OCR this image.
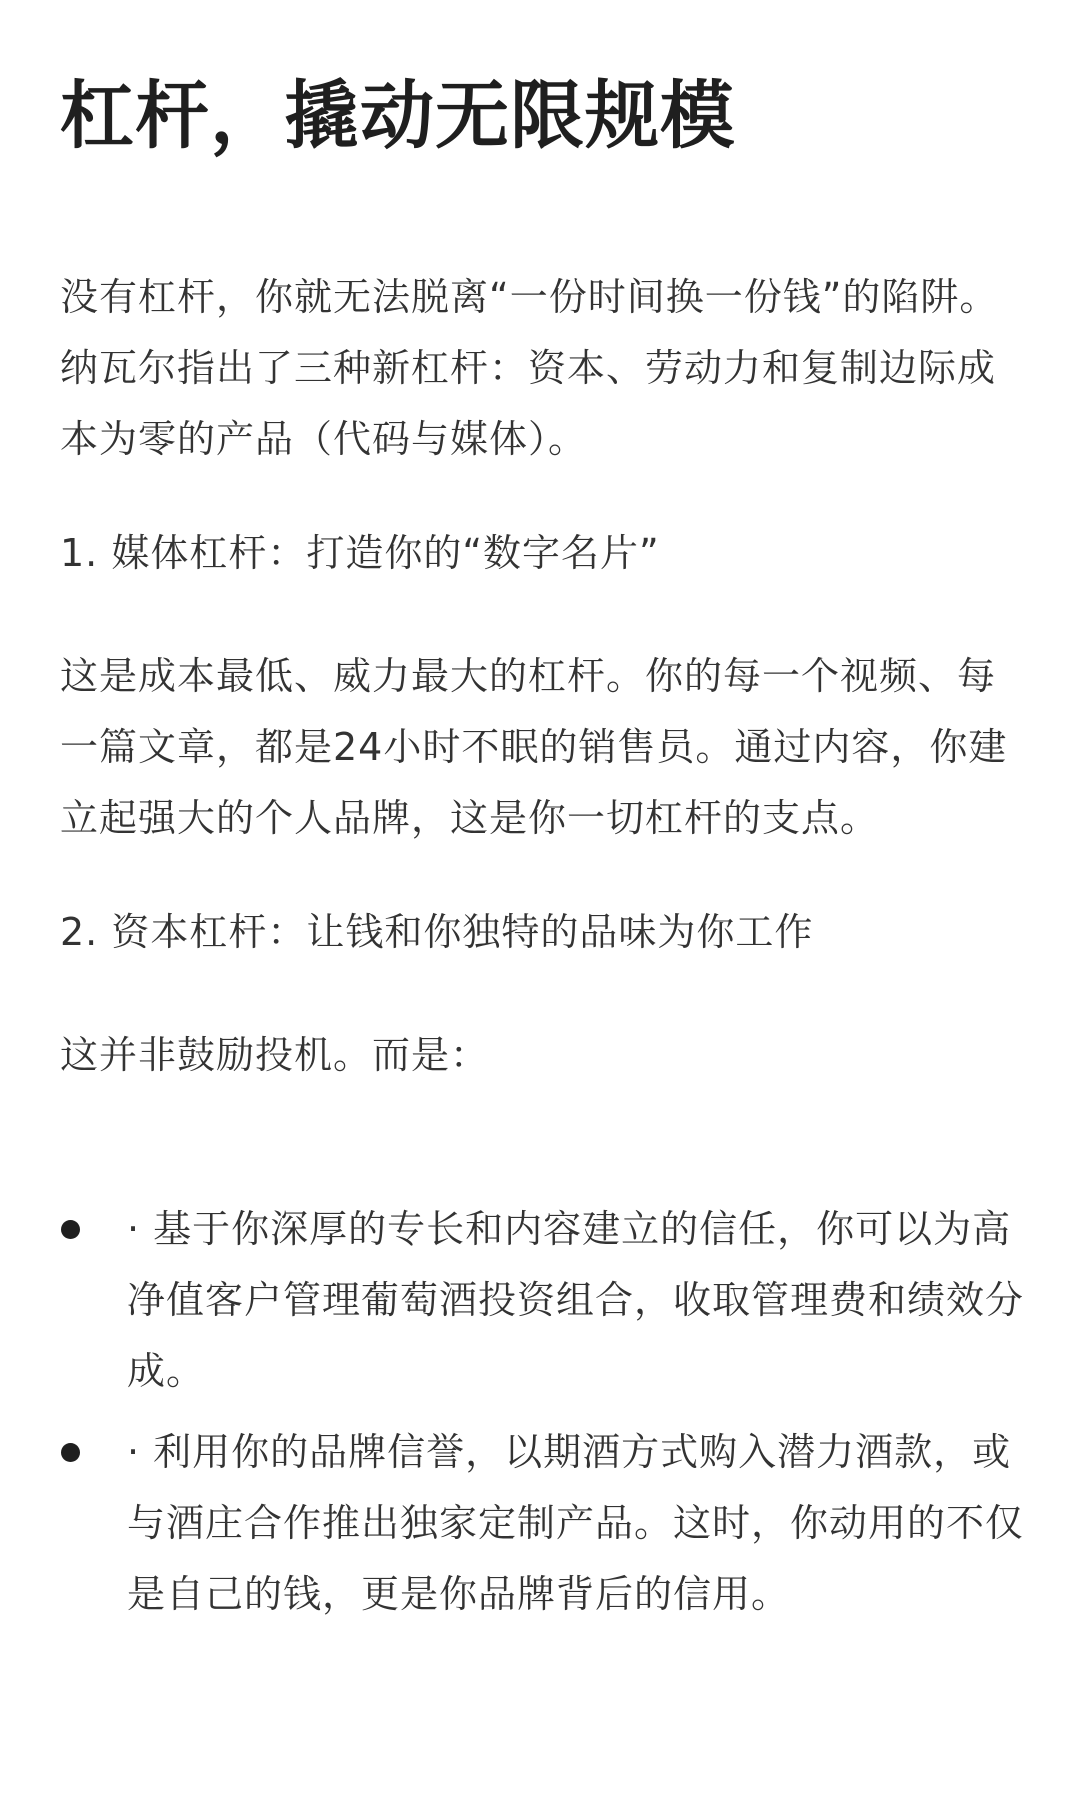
杠杆，撬动无限规模

没有杠杆，你就无法脱离“一份时间换一份钱”的陷阱。纳瓦尔指出了三种新杠杆：资本、劳动力和复制边际成本为零的产品（代码与媒体）。

1. 媒体杠杆：打造你的“数字名片”

这是成本最低、威力最大的杠杆。你的每一个视频、每一篇文章，都是24小时不眠的销售员。通过内容，你建立起强大的个人品牌，这是你一切杠杆的支点。

2. 资本杠杆：让钱和你独特的品味为你工作

这并非鼓励投机。而是：

· 基于你深厚的专长和内容建立的信任，你可以为高净值客户管理葡萄酒投资组合，收取管理费和绩效分成。
· 利用你的品牌信誉，以期酒方式购入潜力酒款，或与酒庄合作推出独家定制产品。这时，你动用的不仅是自己的钱，更是你品牌背后的信用。
